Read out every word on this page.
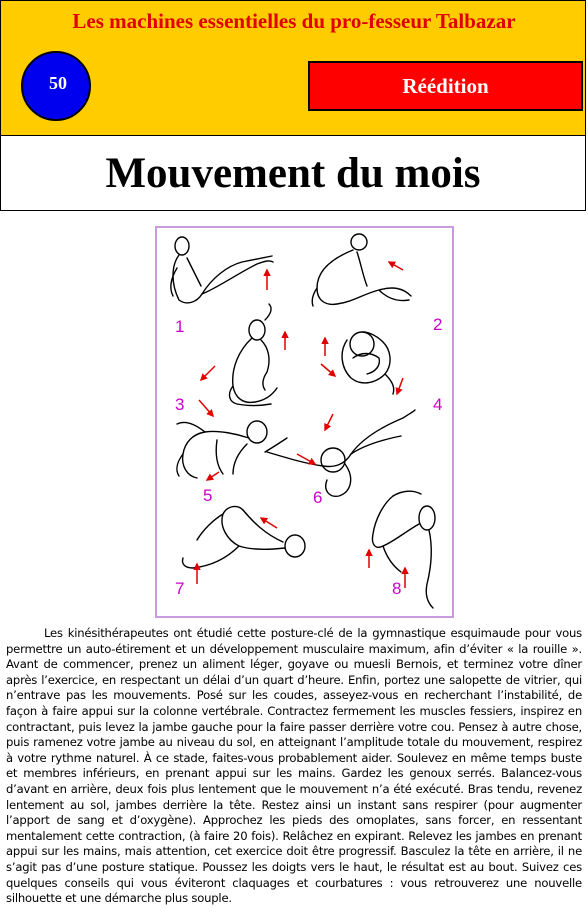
Les machines essentielles du pro-fesseur Talbazar
50	Réédition
Mouvement du mois
1	2
3	4
5	6
7	8

Les kinésithérapeutes ont étudié cette posture-clé de la gymnastique esquimaude pour vous permettre un auto-étirement et un développement musculaire maximum, afin d’éviter « la rouille ». Avant de commencer, prenez un aliment léger, goyave ou muesli Bernois, et terminez votre dîner après l’exercice, en respectant un délai d’un quart d’heure. Enfin, portez une salopette de vitrier, qui n’entrave pas les mouvements. Posé sur les coudes, asseyez-vous en recherchant l’instabilité, de façon à faire appui sur la colonne vertébrale. Contractez fermement les muscles fessiers, inspirez en contractant, puis levez la jambe gauche pour la faire passer derrière votre cou. Pensez à autre chose, puis ramenez votre jambe au niveau du sol, en atteignant l’amplitude totale du mouvement, respirez à votre rythme naturel. À ce stade, faites-vous probablement aider. Soulevez en même temps buste et membres inférieurs, en prenant appui sur les mains. Gardez les genoux serrés. Balancez-vous d’avant en arrière, deux fois plus lentement que le mouvement n’a été exécuté. Bras tendu, revenez lentement au sol, jambes derrière la tête. Restez ainsi un instant sans respirer (pour augmenter l’apport de sang et d’oxygène). Approchez les pieds des omoplates, sans forcer, en ressentant mentalement cette contraction, (à faire 20 fois). Relâchez en expirant. Relevez les jambes en prenant appui sur les mains, mais attention, cet exercice doit être progressif. Basculez la tête en arrière, il ne s’agit pas d’une posture statique. Poussez les doigts vers le haut, le résultat est au bout. Suivez ces quelques conseils qui vous éviteront claquages et courbatures : vous retrouverez une nouvelle silhouette et une démarche plus souple.
